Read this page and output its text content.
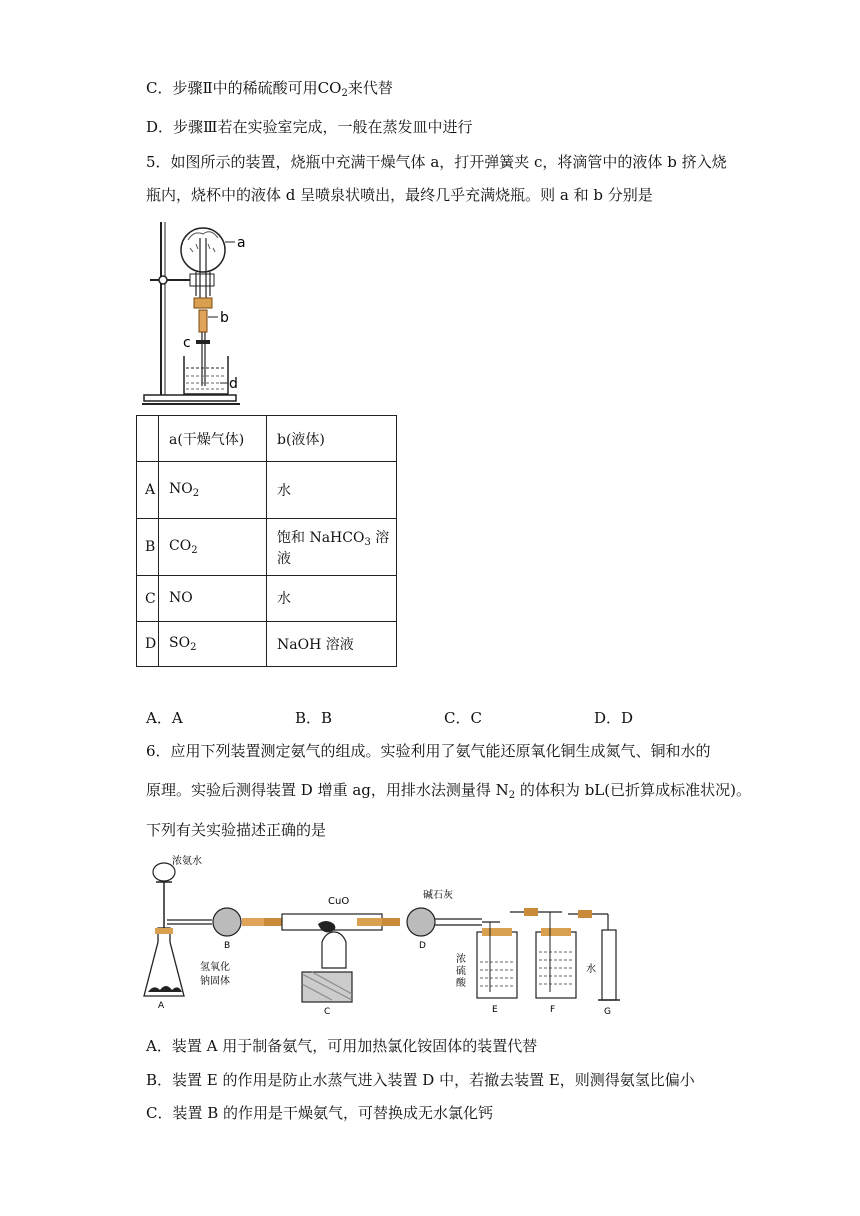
C．步骤Ⅱ中的稀硫酸可用$CO_2$来代替
D．步骤Ⅲ若在实验室完成，一般在蒸发皿中进行
5．如图所示的装置，烧瓶中充满干燥气体 a，打开弹簧夹 c，将滴管中的液体 b 挤入烧
瓶内，烧杯中的液体 d 呈喷泉状喷出，最终几乎充满烧瓶。则 a 和 b 分别是
a
b
c
d
	a(干燥气体)	b(液体)
A	$NO_2$	水
B	$CO_2$	饱和 NaHCO$_3$ 溶液
C	NO	水
D	$SO_2$	NaOH 溶液
A．A	B．B	C．C	D．D
6．应用下列装置测定氨气的组成。实验利用了氨气能还原氧化铜生成氮气、铜和水的
原理。实验后测得装置 D 增重 ag，用排水法测量得 $N_2$ 的体积为 bL(已折算成标准状况)。
下列有关实验描述正确的是
浓氨水
A
氢氧化
钠固体
B
CuO
C
碱石灰
D
浓
硫
酸
E
水
F	G
A．装置 A 用于制备氨气，可用加热氯化铵固体的装置代替
B．装置 E 的作用是防止水蒸气进入装置 D 中，若撤去装置 E，则测得氨氢比偏小
C．装置 B 的作用是干燥氨气，可替换成无水氯化钙
